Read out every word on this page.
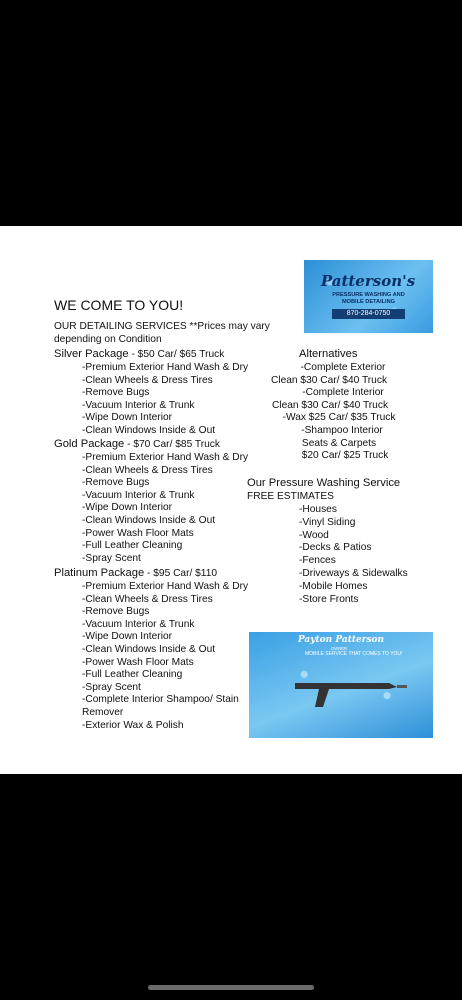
WE COME TO YOU!
OUR DETAILING SERVICES **Prices may vary
depending on Condition
Silver Package - $50 Car/ $65 Truck
-Premium Exterior Hand Wash & Dry
-Clean Wheels & Dress Tires
-Remove Bugs
-Vacuum Interior & Trunk
-Wipe Down Interior
-Clean Windows Inside & Out
Gold Package - $70 Car/ $85 Truck
-Premium Exterior Hand Wash & Dry
-Clean Wheels & Dress Tires
-Remove Bugs
-Vacuum Interior & Trunk
-Wipe Down Interior
-Clean Windows Inside & Out
-Power Wash Floor Mats
-Full Leather Cleaning
-Spray Scent
Platinum Package - $95 Car/ $110
-Premium Exterior Hand Wash & Dry
-Clean Wheels & Dress Tires
-Remove Bugs
-Vacuum Interior & Trunk
-Wipe Down Interior
-Clean Windows Inside & Out
-Power Wash Floor Mats
-Full Leather Cleaning
-Spray Scent
-Complete Interior Shampoo/ Stain
Remover
-Exterior Wax & Polish
Alternatives
-Complete Exterior
Clean $30 Car/ $40 Truck
-Complete Interior
Clean $30 Car/ $40 Truck
-Wax $25 Car/ $35 Truck
-Shampoo Interior
Seats & Carpets
$20 Car/ $25 Truck
Our Pressure Washing Service
FREE ESTIMATES
-Houses
-Vinyl Siding
-Wood
-Decks & Patios
-Fences
-Driveways & Sidewalks
-Mobile Homes
-Store Fronts
Patterson's
PRESSURE WASHING AND
MOBILE DETAILING
870-284-0750
Payton Patterson
OWNER
MOBILE SERVICE THAT COMES TO YOU!
